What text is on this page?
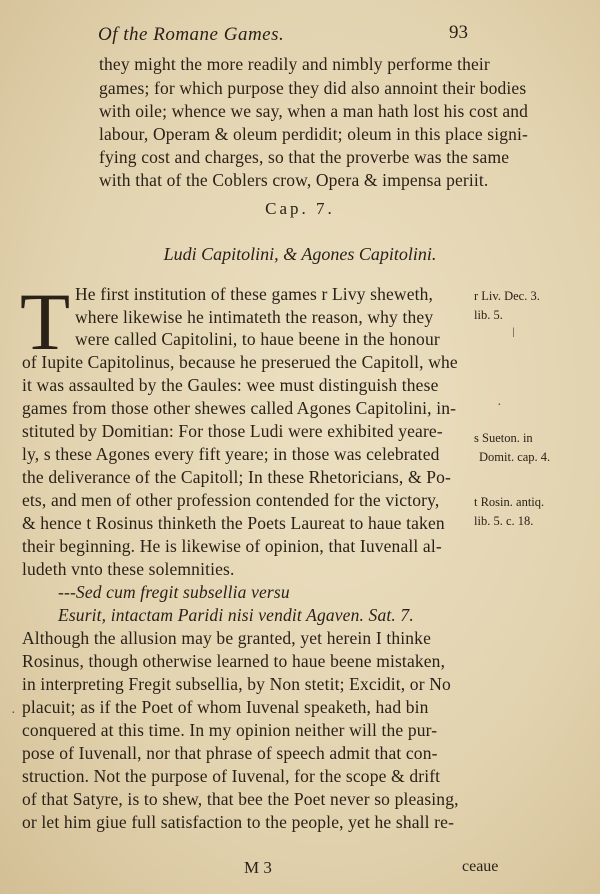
Of the Romane Games.	93
they might the more readily and nimbly performe their
games; for which purpose they did also annoint their bodies
with oile; whence we say, when a man hath lost his cost and
labour, Operam & oleum perdidit; oleum in this place signi-
fying cost and charges, so that the proverbe was the same
with that of the Coblers crow, Opera & impensa periit.
Cap. 7.
Ludi Capitolini, & Agones Capitolini.
T He first institution of these games r Livy sheweth,
where likewise he intimateth the reason, why they
were called Capitolini, to haue beene in the honour
of Iupite Capitolinus, because he preserued the Capitoll, whe
it was assaulted by the Gaules: wee must distinguish these
games from those other shewes called Agones Capitolini, in-
stituted by Domitian: For those Ludi were exhibited yeare-
ly, s these Agones every fift yeare; in those was celebrated
the deliverance of the Capitoll; In these Rhetoricians, & Po-
ets, and men of other profession contended for the victory,
& hence t Rosinus thinketh the Poets Laureat to haue taken
their beginning. He is likewise of opinion, that Iuvenall al-
ludeth vnto these solemnities.
---Sed cum fregit subsellia versu
Esurit, intactam Paridi nisi vendit Agaven. Sat. 7.
Although the allusion may be granted, yet herein I thinke
Rosinus, though otherwise learned to haue beene mistaken,
in interpreting Fregit subsellia, by Non stetit; Excidit, or No
placuit; as if the Poet of whom Iuvenal speaketh, had bin
conquered at this time. In my opinion neither will the pur-
pose of Iuvenall, nor that phrase of speech admit that con-
struction. Not the purpose of Iuvenal, for the scope & drift
of that Satyre, is to shew, that bee the Poet never so pleasing,
or let him giue full satisfaction to the people, yet he shall re-
r Liv. Dec. 3.
lib. 5.
s Sueton. in
Domit. cap. 4.
t Rosin. antiq.
lib. 5. c. 18.
ǀ
·
·
M 3	ceaue
